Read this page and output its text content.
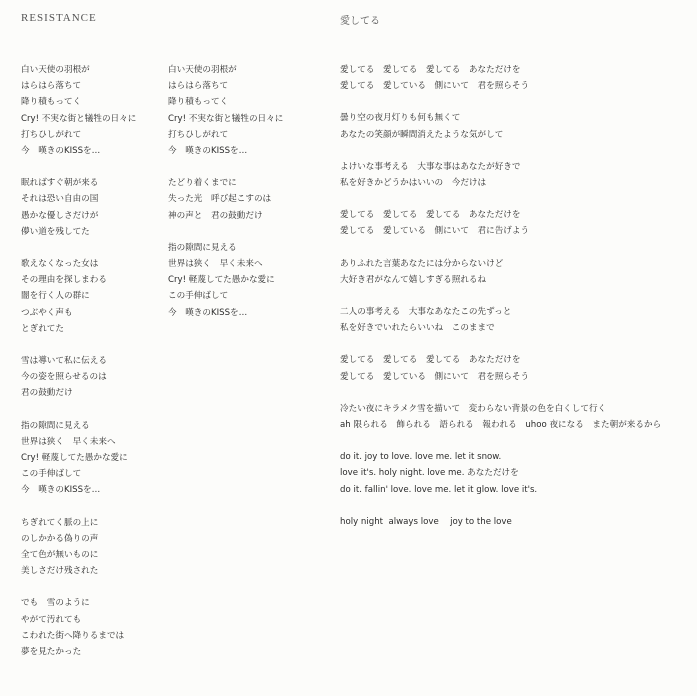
RESISTANCE	愛してる
白い天使の羽根が
はらはら落ちて
降り積もってく
Cry! 不実な街と犠牲の日々に
打ちひしがれて
今　嘆きのKISSを…
眠ればすぐ朝が来る
それは恐い自由の国
愚かな優しさだけが
儚い道を残してた
歌えなくなった女は
その理由を探しまわる
闇を行く人の群に
つぶやく声も
とぎれてた
雪は導いて私に伝える
今の姿を照らせるのは
君の鼓動だけ
指の隙間に見える
世界は狭く　早く未来へ
Cry! 軽蔑してた愚かな愛に
この手伸ばして
今　嘆きのKISSを…
ちぎれてく脈の上に
のしかかる偽りの声
全て色が無いものに
美しさだけ残された
でも　雪のように
やがて汚れても
こわれた街へ降りるまでは
夢を見たかった
白い天使の羽根が
はらはら落ちて
降り積もってく
Cry! 不実な街と犠牲の日々に
打ちひしがれて
今　嘆きのKISSを…
たどり着くまでに
失った光　呼び起こすのは
神の声と　君の鼓動だけ
指の隙間に見える
世界は狭く　早く未来へ
Cry! 軽蔑してた愚かな愛に
この手伸ばして
今　嘆きのKISSを…
愛してる　愛してる　愛してる　あなただけを
愛してる　愛している　側にいて　君を照らそう
曇り空の夜月灯りも何も無くて
あなたの笑顔が瞬間消えたような気がして
よけいな事考える　大事な事はあなたが好きで
私を好きかどうかはいいの　今だけは
愛してる　愛してる　愛してる　あなただけを
愛してる　愛している　側にいて　君に告げよう
ありふれた言葉あなたには分からないけど
大好き君がなんて嬉しすぎる照れるね
二人の事考える　大事なあなたこの先ずっと
私を好きでいれたらいいね　このままで
愛してる　愛してる　愛してる　あなただけを
愛してる　愛している　側にいて　君を照らそう
冷たい夜にキラメク雪を描いて　変わらない背景の色を白くして行く
ah 限られる　飾られる　語られる　報われる　uhoo 夜になる　また朝が来るから
do it. joy to love. love me. let it snow.
love it's. holy night. love me. あなただけを
do it. fallin' love. love me. let it glow. love it's.
holy night  always love　 joy to the love
